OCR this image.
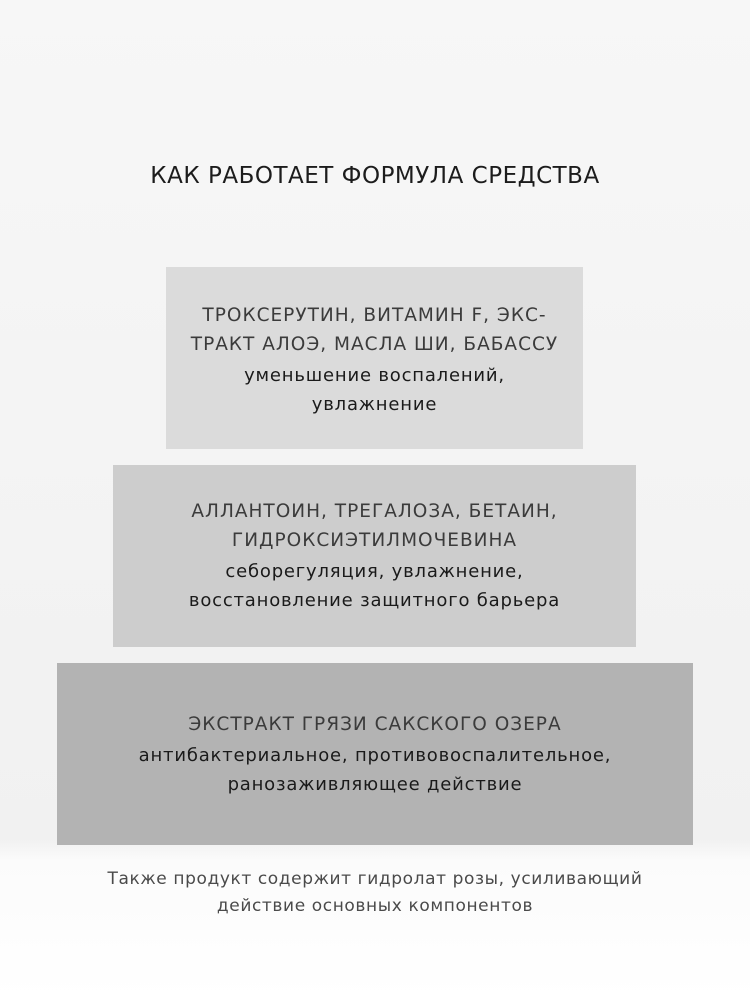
КАК РАБОТАЕТ ФОРМУЛА СРЕДСТВА
ТРОКСЕРУТИН, ВИТАМИН F, ЭКС-
ТРАКТ АЛОЭ, МАСЛА ШИ, БАБАССУ
уменьшение воспалений,
увлажнение
АЛЛАНТОИН, ТРЕГАЛОЗА, БЕТАИН,
ГИДРОКСИЭТИЛМОЧЕВИНА
себорегуляция, увлажнение,
восстановление защитного барьера
ЭКСТРАКТ ГРЯЗИ САКСКОГО ОЗЕРА
антибактериальное, противовоспалительное,
ранозаживляющее действие

Также продукт содержит гидролат розы, усиливающий
действие основных компонентов
